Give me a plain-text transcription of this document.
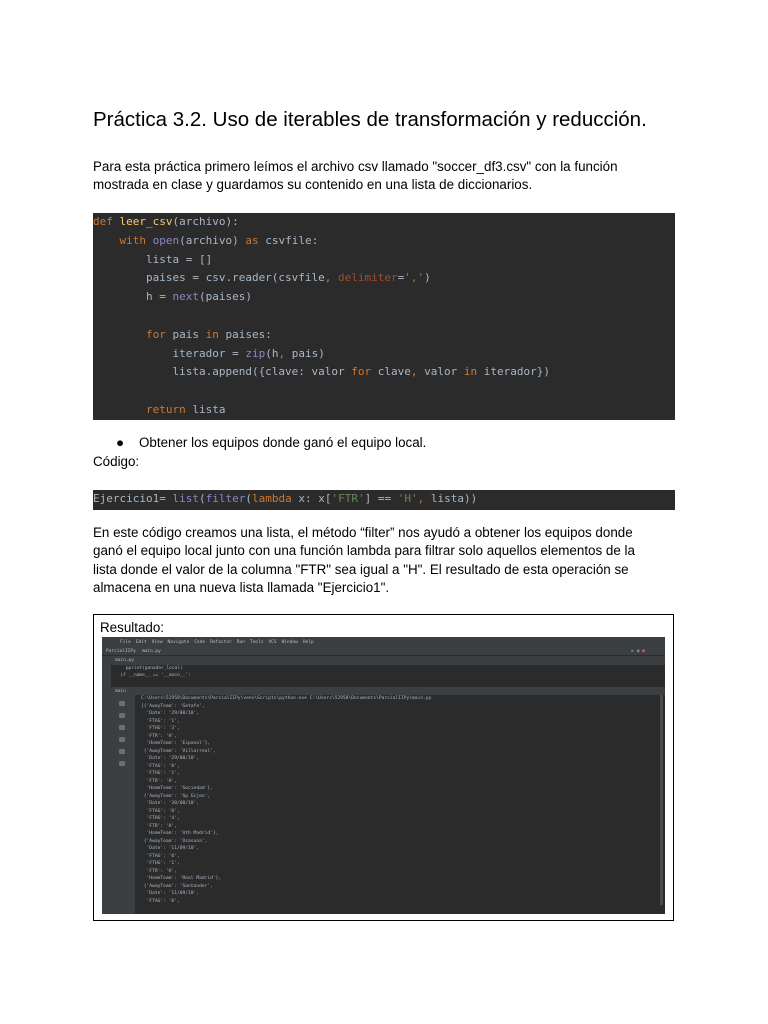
Práctica 3.2. Uso de iterables de transformación y reducción.
Para esta práctica primero leímos el archivo csv llamado "soccer_df3.csv" con la función
mostrada en clase y guardamos su contenido en una lista de diccionarios.
def leer_csv(archivo):
with open(archivo) as csvfile:
lista = []
paises = csv.reader(csvfile, delimiter=',')
h = next(paises)

for pais in paises:
iterador = zip(h, pais)
lista.append({clave: valor for clave, valor in iterador})

return lista
● Obtener los equipos donde ganó el equipo local.
Código:
Ejercicio1= list(filter(lambda x: x['FTR'] == 'H', lista))
En este código creamos una lista, el método “filter” nos ayudó a obtener los equipos donde
ganó el equipo local junto con una función lambda para filtrar solo aquellos elementos de la
lista donde el valor de la columna "FTR" sea igual a "H". El resultado de esta operación se
almacena en una nueva lista llamada "Ejercicio1".
Resultado:
File Edit View Navigate Code Refactor Run Tools VCS Window Help
ParcialIIPy main.py	▶ ● ■
main.py
pprint(ganador_local)
if __name__ == '__main__':
main
C:\Users\52958\Documents\ParcialIIPy\venv\Scripts\python.exe C:\Users\52958\Documents\ParcialIIPy\main.py
[{'AwayTeam': 'Getafe',
'Date': '29/08/10',
'FTAG': '1',
'FTHG': '3',
'FTR': 'H',
'HomeTeam': 'Espanol'},
{'AwayTeam': 'Villarreal',
'Date': '29/08/10',
'FTAG': '0',
'FTHG': '1',
'FTR': 'H',
'HomeTeam': 'Sociedad'},
{'AwayTeam': 'Sp Gijon',
'Date': '30/08/10',
'FTAG': '0',
'FTHG': '4',
'FTR': 'H',
'HomeTeam': 'Ath Madrid'},
{'AwayTeam': 'Osasuna',
'Date': '11/09/10',
'FTAG': '0',
'FTHG': '1',
'FTR': 'H',
'HomeTeam': 'Real Madrid'},
{'AwayTeam': 'Santander',
'Date': '11/09/10',
'FTAG': '0',
